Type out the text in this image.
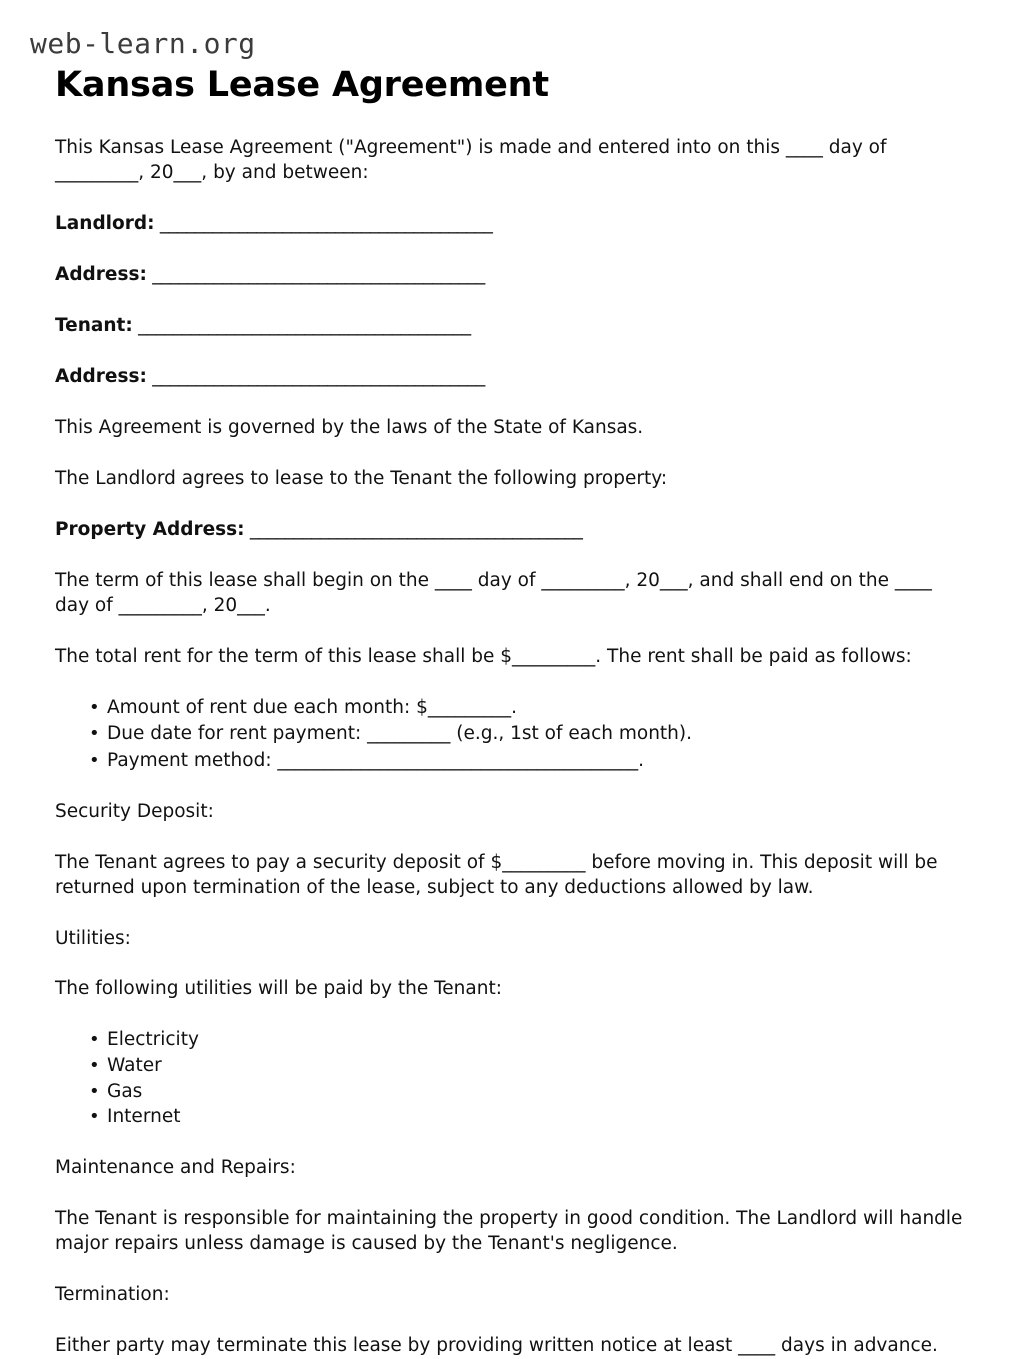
web-learn.org
Kansas Lease Agreement

This Kansas Lease Agreement ("Agreement") is made and entered into on this ____ day of _________, 20___, by and between:

Landlord: ______________________________________

Address: ______________________________________

Tenant: ______________________________________

Address: ______________________________________

This Agreement is governed by the laws of the State of Kansas.

The Landlord agrees to lease to the Tenant the following property:

Property Address: ______________________________________

The term of this lease shall begin on the ____ day of _________, 20___, and shall end on the ____ day of _________, 20___.

The total rent for the term of this lease shall be $_________. The rent shall be paid as follows:

• Amount of rent due each month: $_________.
• Due date for rent payment: _________ (e.g., 1st of each month).
• Payment method: _______________________________________.

Security Deposit:

The Tenant agrees to pay a security deposit of $_________ before moving in. This deposit will be returned upon termination of the lease, subject to any deductions allowed by law.

Utilities:

The following utilities will be paid by the Tenant:

• Electricity
• Water
• Gas
• Internet

Maintenance and Repairs:

The Tenant is responsible for maintaining the property in good condition. The Landlord will handle major repairs unless damage is caused by the Tenant's negligence.

Termination:

Either party may terminate this lease by providing written notice at least ____ days in advance.
